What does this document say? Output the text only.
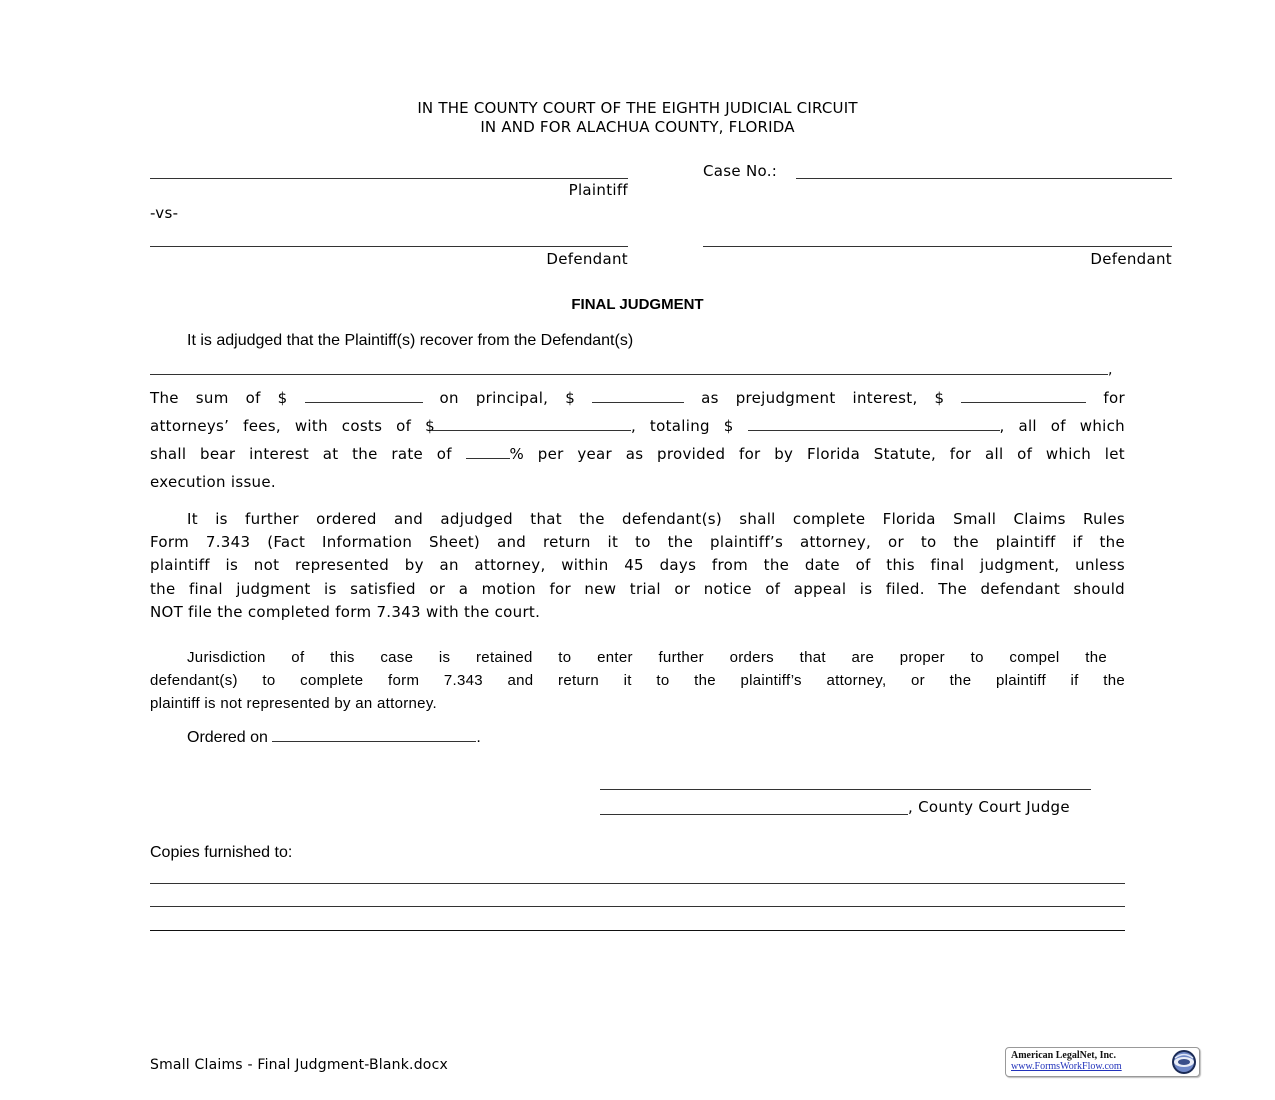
IN THE COUNTY COURT OF THE EIGHTH JUDICIAL CIRCUIT
IN AND FOR ALACHUA COUNTY, FLORIDA
Plaintiff
-vs-
Defendant
Case No.:
Defendant
FINAL JUDGMENT
It is adjudged that the Plaintiff(s) recover from the Defendant(s)
,
The sum of $	on principal, $	as prejudgment interest, $	for
attorneys’ fees, with costs of $	, totaling $	, all of which
shall bear interest at the rate of	% per year as provided for by Florida Statute, for all of which let
execution issue.
It is further ordered and adjudged that the defendant(s) shall complete Florida Small Claims Rules
Form 7.343 (Fact Information Sheet) and return it to the plaintiff’s attorney, or to the plaintiff if the
plaintiff is not represented by an attorney, within 45 days from the date of this final judgment, unless
the final judgment is satisfied or a motion for new trial or notice of appeal is filed. The defendant should
NOT file the completed form 7.343 with the court.
Jurisdiction of this case is retained to enter further orders that are proper to compel the
defendant(s) to complete form 7.343 and return it to the plaintiff’s attorney, or the plaintiff if the
plaintiff is not represented by an attorney.
Ordered on	.
, County Court Judge
Copies furnished to:
Small Claims - Final Judgment-Blank.docx
American LegalNet, Inc.
www.FormsWorkFlow.com
